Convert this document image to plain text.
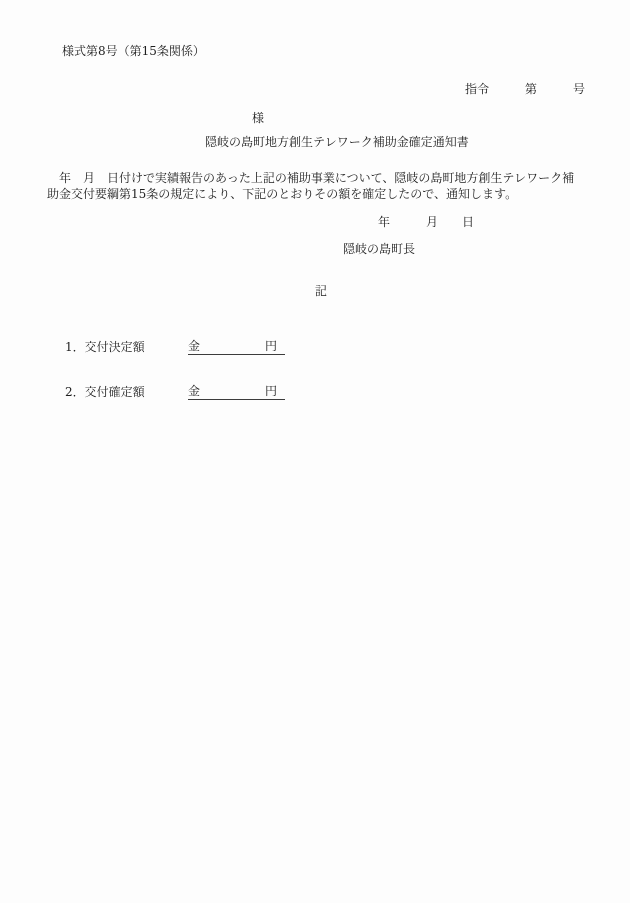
様式第8号（第15条関係）
指令　　　第　　　号
様
隠岐の島町地方創生テレワーク補助金確定通知書
　年　月　日付けで実績報告のあった上記の補助事業について、隠岐の島町地方創生テレワーク補
助金交付要綱第15条の規定により、下記のとおりその額を確定したので、通知します。
年　　　月　　日
隠岐の島町長
記
1．交付決定額	金	円
2．交付確定額	金	円
